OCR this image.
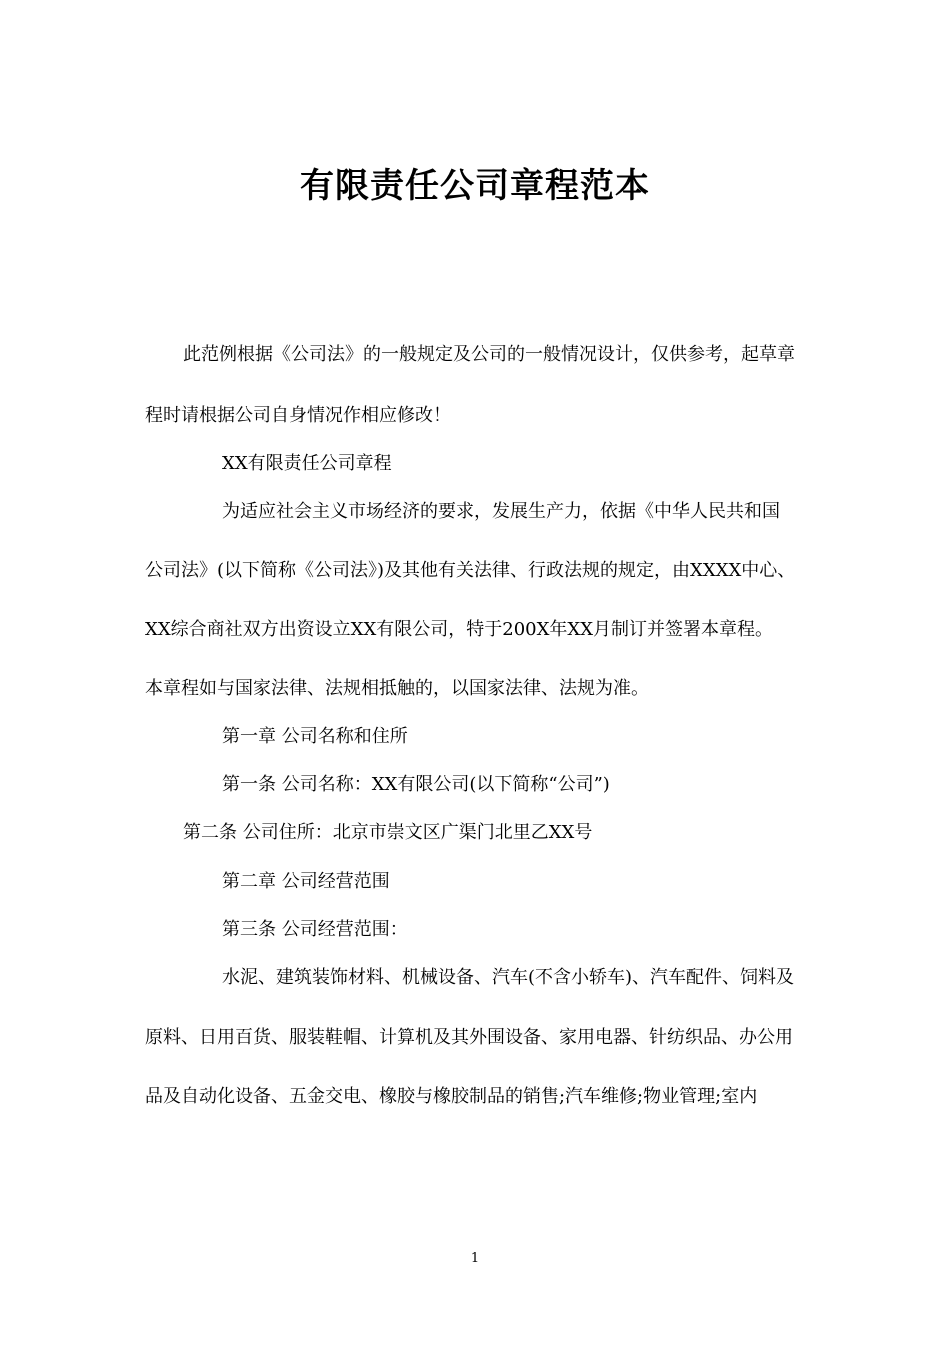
有限责任公司章程范本
此范例根据《公司法》的一般规定及公司的一般情况设计，仅供参考，起草章
程时请根据公司自身情况作相应修改！
XX有限责任公司章程
为适应社会主义市场经济的要求，发展生产力，依据《中华人民共和国
公司法》(以下简称《公司法》)及其他有关法律、行政法规的规定，由XXXX中心、
XX综合商社双方出资设立XX有限公司，特于200X年XX月制订并签署本章程。
本章程如与国家法律、法规相抵触的，以国家法律、法规为准。
第一章 公司名称和住所
第一条 公司名称：XX有限公司(以下简称“公司”)
第二条 公司住所：北京市崇文区广渠门北里乙XX号
第二章 公司经营范围
第三条 公司经营范围：
水泥、建筑装饰材料、机械设备、汽车(不含小轿车)、汽车配件、饲料及
原料、日用百货、服装鞋帽、计算机及其外围设备、家用电器、针纺织品、办公用
品及自动化设备、五金交电、橡胶与橡胶制品的销售;汽车维修;物业管理;室内
1
